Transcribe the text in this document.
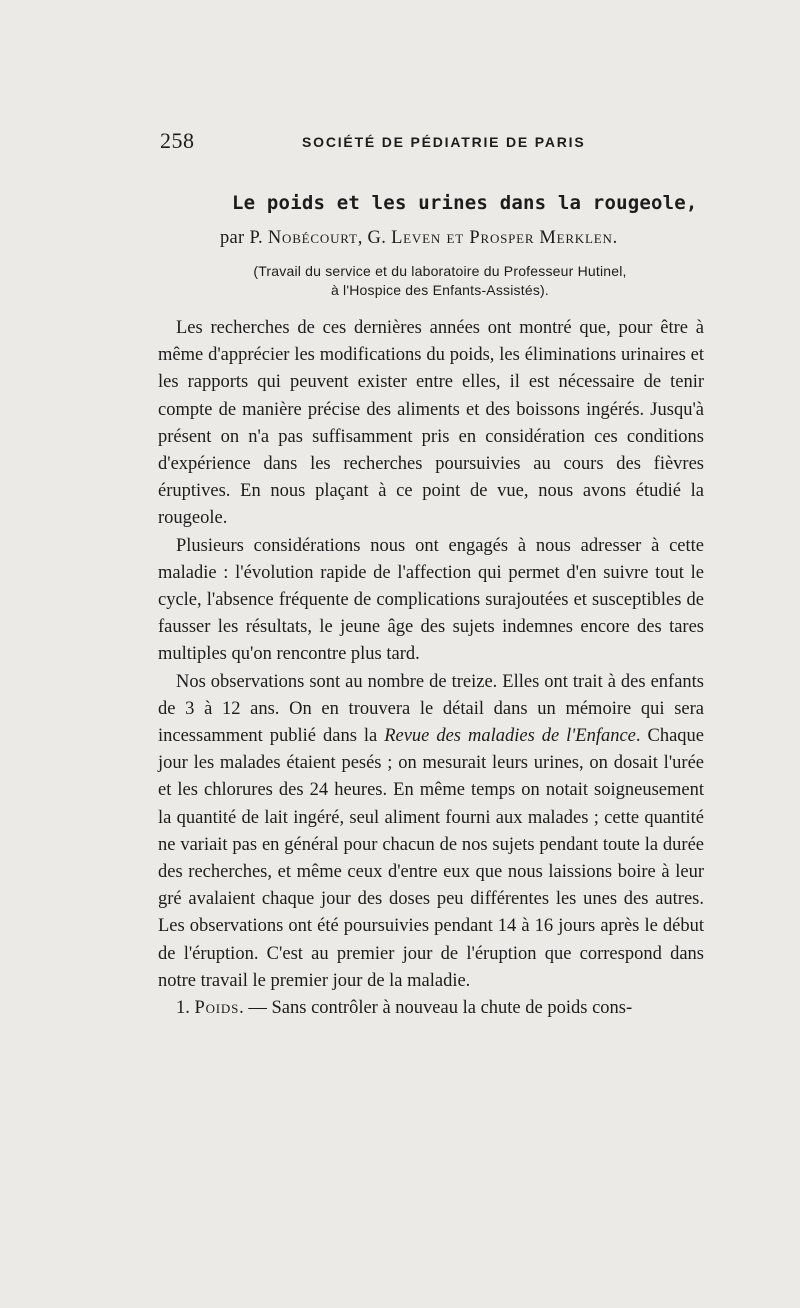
258	SOCIÉTÉ DE PÉDIATRIE DE PARIS
Le poids et les urines dans la rougeole,
par P. Nobécourt, G. Leven et Prosper Merklen.
(Travail du service et du laboratoire du Professeur Hutinel,
à l'Hospice des Enfants-Assistés).

Les recherches de ces dernières années ont montré que, pour être à même d'apprécier les modifications du poids, les éliminations urinaires et les rapports qui peuvent exister entre elles, il est nécessaire de tenir compte de manière précise des aliments et des boissons ingérés. Jusqu'à présent on n'a pas suffisamment pris en considération ces conditions d'expérience dans les recherches poursuivies au cours des fièvres éruptives. En nous plaçant à ce point de vue, nous avons étudié la rougeole.

Plusieurs considérations nous ont engagés à nous adresser à cette maladie : l'évolution rapide de l'affection qui permet d'en suivre tout le cycle, l'absence fréquente de complications surajoutées et susceptibles de fausser les résultats, le jeune âge des sujets indemnes encore des tares multiples qu'on rencontre plus tard.

Nos observations sont au nombre de treize. Elles ont trait à des enfants de 3 à 12 ans. On en trouvera le détail dans un mémoire qui sera incessamment publié dans la Revue des maladies de l'Enfance. Chaque jour les malades étaient pesés ; on mesurait leurs urines, on dosait l'urée et les chlorures des 24 heures. En même temps on notait soigneusement la quantité de lait ingéré, seul aliment fourni aux malades ; cette quantité ne variait pas en général pour chacun de nos sujets pendant toute la durée des recherches, et même ceux d'entre eux que nous laissions boire à leur gré avalaient chaque jour des doses peu différentes les unes des autres. Les observations ont été poursuivies pendant 14 à 16 jours après le début de l'éruption. C'est au premier jour de l'éruption que correspond dans notre travail le premier jour de la maladie.

1. Poids. — Sans contrôler à nouveau la chute de poids cons-
